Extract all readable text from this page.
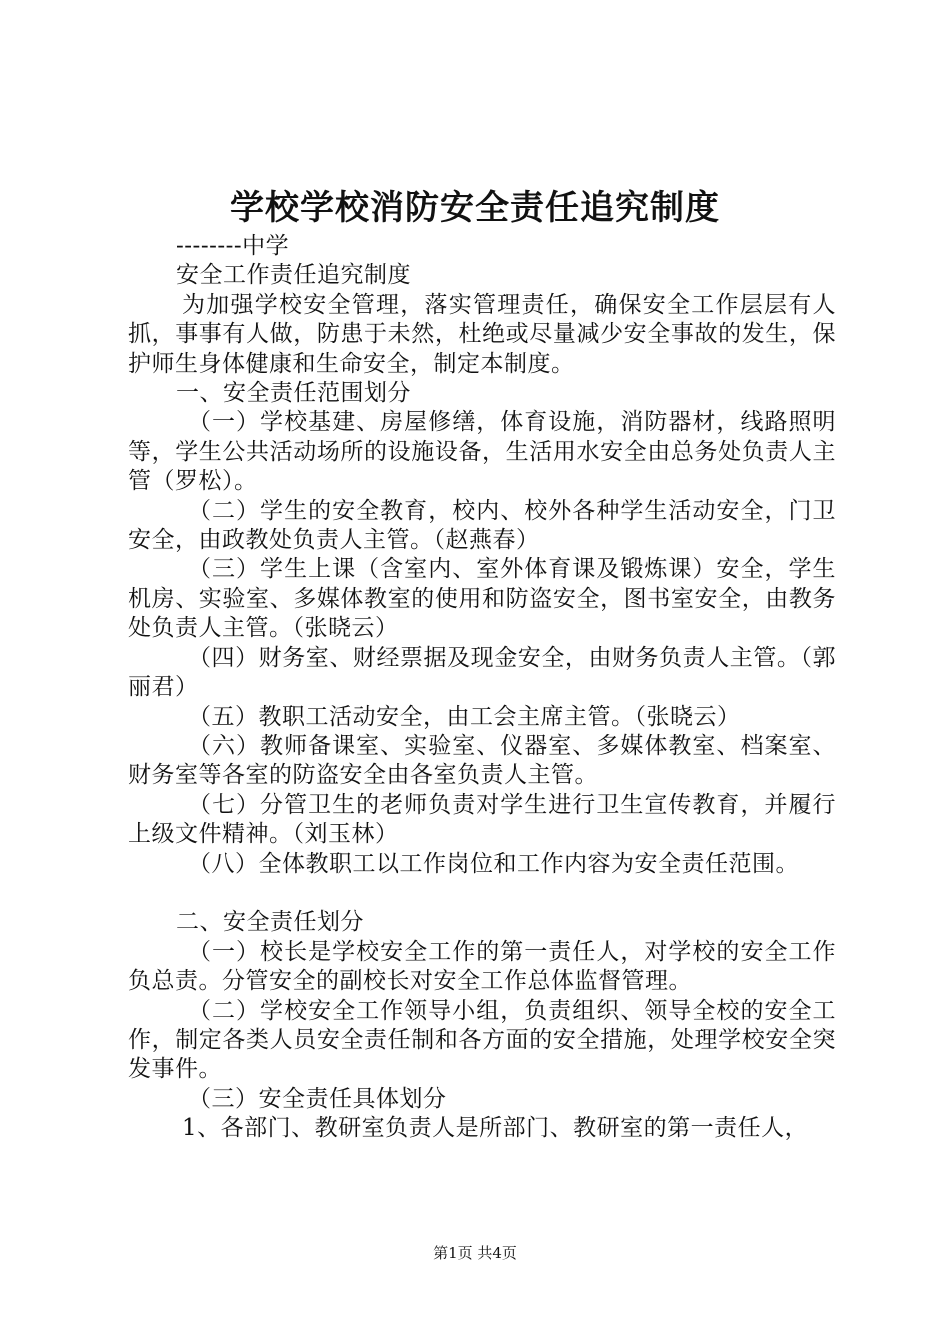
学校学校消防安全责任追究制度

--------中学

安全工作责任追究制度

为加强学校安全管理，落实管理责任，确保安全工作层层有人抓，事事有人做，防患于未然，杜绝或尽量减少安全事故的发生，保护师生身体健康和生命安全，制定本制度。

一、安全责任范围划分

（一）学校基建、房屋修缮，体育设施，消防器材，线路照明等，学生公共活动场所的设施设备，生活用水安全由总务处负责人主管（罗松）。

（二）学生的安全教育，校内、校外各种学生活动安全，门卫安全，由政教处负责人主管。（赵燕春）

（三）学生上课（含室内、室外体育课及锻炼课）安全，学生机房、实验室、多媒体教室的使用和防盗安全，图书室安全，由教务处负责人主管。（张晓云）

（四）财务室、财经票据及现金安全，由财务负责人主管。（郭丽君）

（五）教职工活动安全，由工会主席主管。（张晓云）

（六）教师备课室、实验室、仪器室、多媒体教室、档案室、财务室等各室的防盗安全由各室负责人主管。

（七）分管卫生的老师负责对学生进行卫生宣传教育，并履行上级文件精神。（刘玉林）

（八）全体教职工以工作岗位和工作内容为安全责任范围。

二、安全责任划分

（一）校长是学校安全工作的第一责任人，对学校的安全工作负总责。分管安全的副校长对安全工作总体监督管理。

（二）学校安全工作领导小组，负责组织、领导全校的安全工作，制定各类人员安全责任制和各方面的安全措施，处理学校安全突发事件。

（三）安全责任具体划分

1、各部门、教研室负责人是所部门、教研室的第一责任人，

第1页 共4页
